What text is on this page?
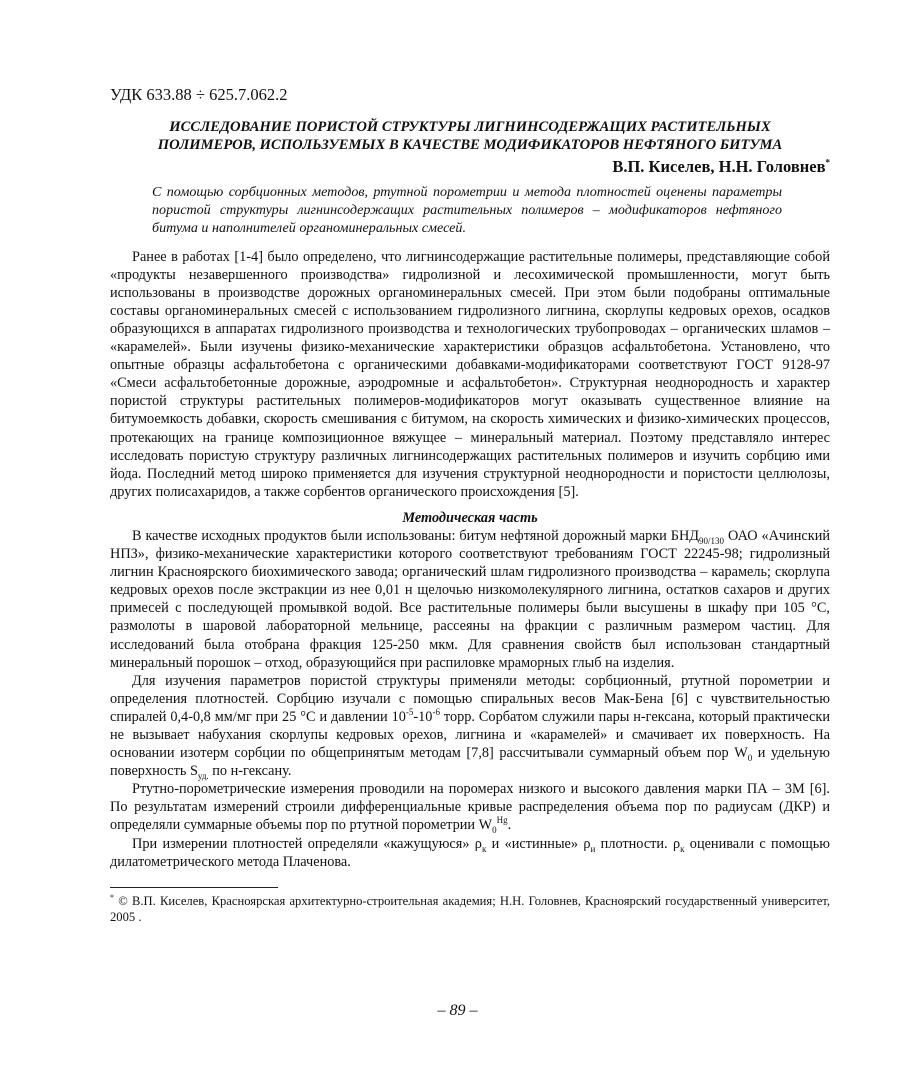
УДК 633.88 ÷ 625.7.062.2
ИССЛЕДОВАНИЕ ПОРИСТОЙ СТРУКТУРЫ ЛИГНИНСОДЕРЖАЩИХ РАСТИТЕЛЬНЫХ
ПОЛИМЕРОВ, ИСПОЛЬЗУЕМЫХ В КАЧЕСТВЕ МОДИФИКАТОРОВ НЕФТЯНОГО БИТУМА
В.П. Киселев, Н.Н. Головнев*
С помощью сорбционных методов, ртутной порометрии и метода плотностей оценены параметры пористой структуры лигнинсодержащих растительных полимеров – модификаторов нефтяного битума и наполнителей органоминеральных смесей.

Ранее в работах [1-4] было определено, что лигнинсодержащие растительные полимеры, представляющие собой «продукты незавершенного производства» гидролизной и лесохимической промышленности, могут быть использованы в производстве дорожных органоминеральных смесей. При этом были подобраны оптимальные составы органоминеральных смесей с использованием гидролизного лигнина, скорлупы кедровых орехов, осадков образующихся в аппаратах гидролизного производства и технологических трубопроводах – органических шламов – «карамелей». Были изучены физико-механические характеристики образцов асфальтобетона. Установлено, что опытные образцы асфальтобетона с органическими добавками-модификаторами соответствуют ГОСТ 9128-97 «Смеси асфальтобетонные дорожные, аэродромные и асфальтобетон». Структурная неоднородность и характер пористой структуры растительных полимеров-модификаторов могут оказывать существенное влияние на битумоемкость добавки, скорость смешивания с битумом, на скорость химических и физико-химических процессов, протекающих на границе композиционное вяжущее – минеральный материал. Поэтому представляло интерес исследовать пористую структуру различных лигнинсодержащих растительных полимеров и изучить сорбцию ими йода. Последний метод широко применяется для изучения структурной неоднородности и пористости целлюлозы, других полисахаридов, а также сорбентов органического происхождения [5].

Методическая часть

В качестве исходных продуктов были использованы: битум нефтяной дорожный марки $БНД_{90/130}$ ОАО «Ачинский НПЗ», физико-механические характеристики которого соответствуют требованиям ГОСТ 22245-98; гидролизный лигнин Красноярского биохимического завода; органический шлам гидролизного производства – карамель; скорлупа кедровых орехов после экстракции из нее 0,01 н щелочью низкомолекулярного лигнина, остатков сахаров и других примесей с последующей промывкой водой. Все растительные полимеры были высушены в шкафу при 105 °С, размолоты в шаровой лабораторной мельнице, рассеяны на фракции с различным размером частиц. Для исследований была отобрана фракция 125-250 мкм. Для сравнения свойств был использован стандартный минеральный порошок – отход, образующийся при распиловке мраморных глыб на изделия.

Для изучения параметров пористой структуры применяли методы: сорбционный, ртутной порометрии и определения плотностей. Сорбцию изучали с помощью спиральных весов Мак-Бена [6] с чувствительностью спиралей 0,4-0,8 мм/мг при 25 °С и давлении $10^{-5}-10^{-6}$ торр. Сорбатом служили пары н-гексана, который практически не вызывает набухания скорлупы кедровых орехов, лигнина и «карамелей» и смачивает их поверхность. На основании изотерм сорбции по общепринятым методам [7,8] рассчитывали суммарный объем пор $W_0$ и удельную поверхность $S_{уд.}$ по н-гексану.

Ртутно-порометрические измерения проводили на поромерах низкого и высокого давления марки ПА – 3М [6]. По результатам измерений строили дифференциальные кривые распределения объема пор по радиусам (ДКР) и определяли суммарные объемы пор по ртутной порометрии $W_0^{Hg}$.

При измерении плотностей определяли «кажущуюся» $\rho_к$ и «истинные» $\rho_и$ плотности. $\rho_к$ оценивали с помощью дилатометрического метода Плаченова.

* © В.П. Киселев, Красноярская архитектурно-строительная академия; Н.Н. Головнев, Красноярский государственный университет, 2005 .

– 89 –
